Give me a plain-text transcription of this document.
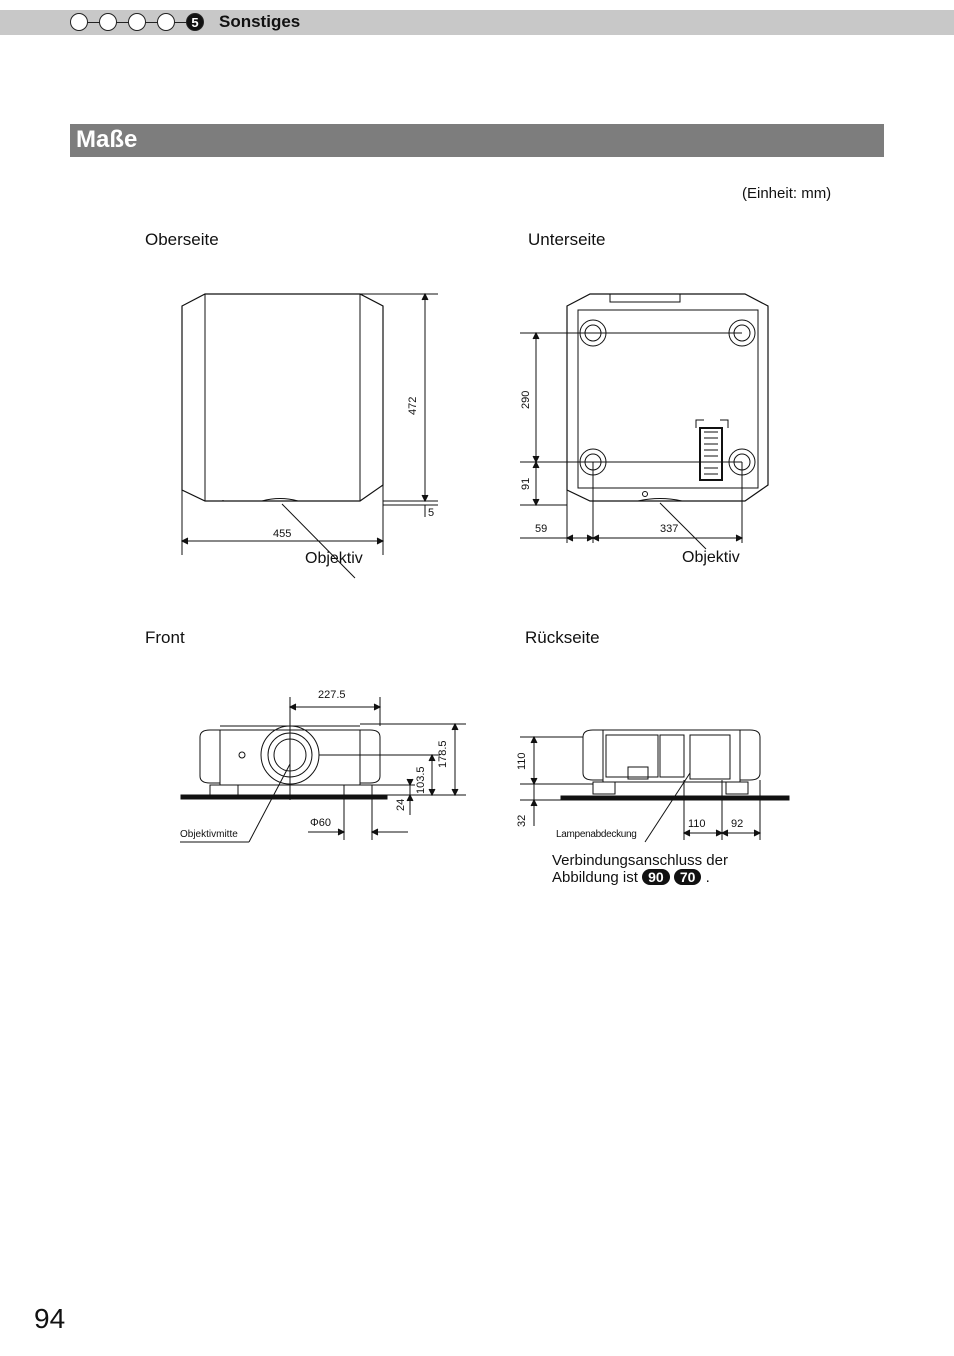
5	Sonstiges
Maße
(Einheit: mm)
Oberseite	Unterseite
Front	Rückseite
472
5
455
Objektiv
290
91
59	337
Objektiv
227.5
178.5
103.5
24
Φ60
Objektivmitte
110
32	110 92
Lampenabdeckung
Verbindungsanschluss der
Abbildung ist 90 70 .
94
